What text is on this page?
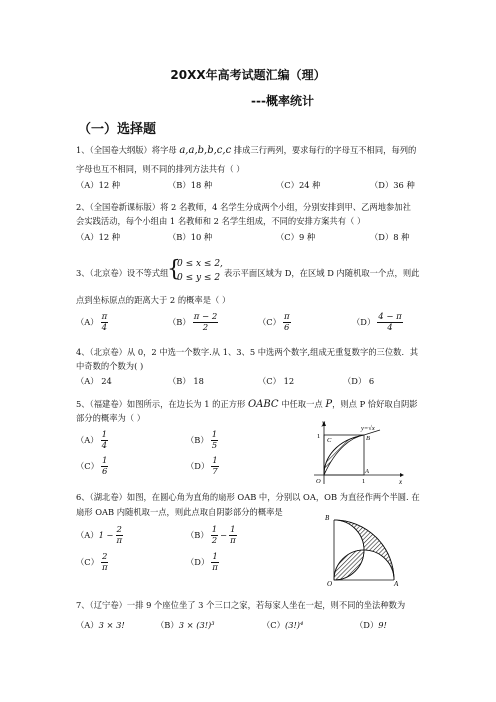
20XX年高考试题汇编（理）
---概率统计
（一）选择题
1、（全国卷大纲版）将字母 a,a,b,b,c,c 排成三行两列，要求每行的字母互不相同，每列的
字母也互不相同，则不同的排列方法共有（ ）
（A）12 种	（B）18 种	（C）24 种	（D）36 种
2、（全国卷新课标版）将 2 名教师，4 名学生分成两个小组，分别安排到甲、乙两地参加社
会实践活动，每个小组由 1 名教师和 2 名学生组成，不同的安排方案共有（ ）
（A）12 种	（B）10 种	（C）9 种	（D）8 种
3、（北京卷）设不等式组
{
0 ≤ x ≤ 2,
0 ≤ y ≤ 2 表示平面区域为 D，在区域 D 内随机取一个点，则此
点到坐标原点的距离大于 2 的概率是（ ）
$(A) \frac{\pi}{4}$	$(B) \frac{\pi - 2}{2}$	$(C) \frac{\pi}{6}$	$(D) \frac{4 - \pi}{4}$
4、（北京卷）从 0，2 中选一个数字.从 1、3、5 中选两个数字,组成无重复数字的三位数．其
中奇数的个数为( )
（A） 24	（B） 18	（C） 12	（D） 6
5、（福建卷）如图所示，在边长为 1 的正方形 OABC 中任取一点 P，则点 P 恰好取自阴影
部分的概率为（ ）
$(A) \frac{1}{4}$	$(B) \frac{1}{5}$
$(C) \frac{1}{6}$	$(D) \frac{1}{7}$
y
x
O	1
1
C	B
A
y=√x
6、（湖北卷）如图，在圆心角为直角的扇形 OAB 中，分别以 OA，OB 为直径作两个半圆. 在
扇形 OAB 内随机取一点，则此点取自阴影部分的概率是
$(A)1 - \frac{2}{\pi}$	$(B) \frac{1}{2} - \frac{1}{\pi}$
$(C) \frac{2}{\pi}$	$(D) \frac{1}{\pi}$
B
O	A
7、（辽宁卷）一排 9 个座位坐了 3 个三口之家，若每家人坐在一起，则不同的坐法种数为
（A）3 × 3!	（B）3 × (3!)³	（C）(3!)⁴	（D）9!
